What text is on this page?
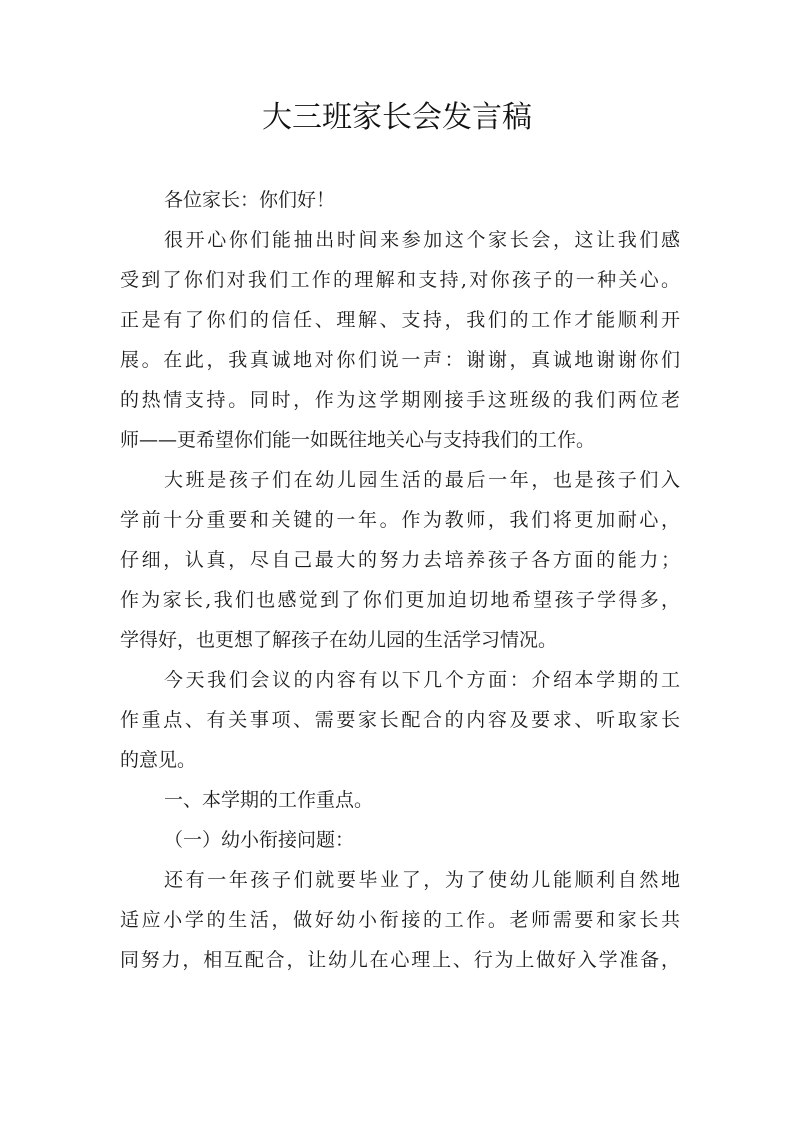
大三班家长会发言稿
各位家长：你们好！
很开心你们能抽出时间来参加这个家长会，这让我们感
受到了你们对我们工作的理解和支持,对你孩子的一种关心。
正是有了你们的信任、理解、支持，我们的工作才能顺利开
展。在此，我真诚地对你们说一声：谢谢，真诚地谢谢你们
的热情支持。同时，作为这学期刚接手这班级的我们两位老
师——更希望你们能一如既往地关心与支持我们的工作。
大班是孩子们在幼儿园生活的最后一年，也是孩子们入
学前十分重要和关键的一年。作为教师，我们将更加耐心，
仔细，认真，尽自己最大的努力去培养孩子各方面的能力；
作为家长,我们也感觉到了你们更加迫切地希望孩子学得多，
学得好，也更想了解孩子在幼儿园的生活学习情况。
今天我们会议的内容有以下几个方面：介绍本学期的工
作重点、有关事项、需要家长配合的内容及要求、听取家长
的意见。
一、本学期的工作重点。
（一）幼小衔接问题：
还有一年孩子们就要毕业了，为了使幼儿能顺利自然地
适应小学的生活，做好幼小衔接的工作。老师需要和家长共
同努力，相互配合，让幼儿在心理上、行为上做好入学准备，
